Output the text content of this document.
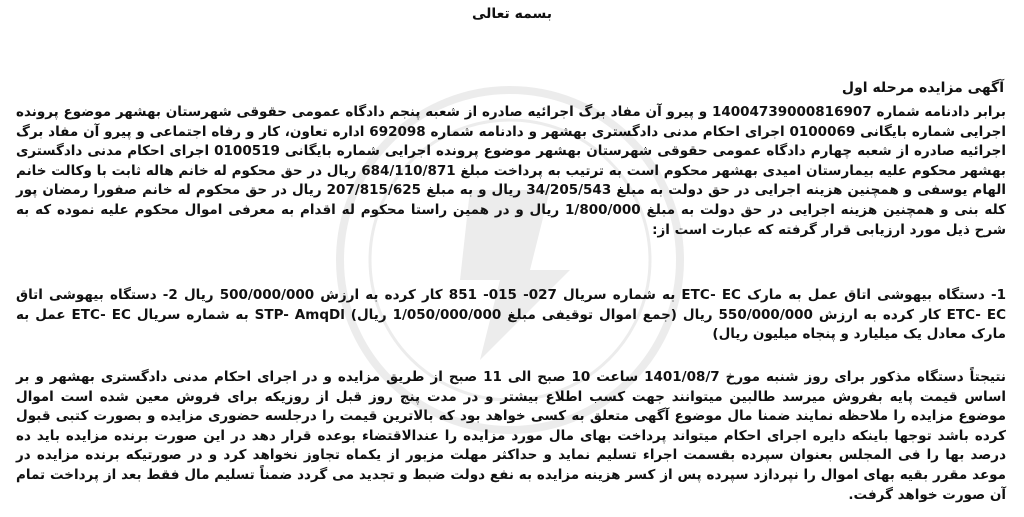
بسمه تعالی
آگهی مزایده مرحله اول

برابر دادنامه شماره 14004739000816907 و پیرو آن مفاد برگ اجرائیه صادره از شعبه پنجم دادگاه عمومی حقوقی شهرستان بهشهر موضوع پرونده اجرایی شماره بایگانی 0100069 اجرای احکام مدنی دادگستری بهشهر و دادنامه شماره 692098 اداره تعاون، کار و رفاه اجتماعی و پیرو آن مفاد برگ اجرائیه صادره از شعبه چهارم دادگاه عمومی حقوقی شهرستان بهشهر موضوع پرونده اجرایی شماره بایگانی 0100519 اجرای احکام مدنی دادگستری بهشهر محکوم علیه بیمارستان امیدی بهشهر محکوم است به ترتیب به پرداخت مبلغ 684/110/871 ریال در حق محکوم له خانم هاله ثابت با وکالت خانم الهام یوسفی و همچنین هزینه اجرایی در حق دولت به مبلغ 34/205/543 ریال و به مبلغ 207/815/625 ریال در حق محکوم له خانم صفورا رمضان پور کله بنی و همچنین هزینه اجرایی در حق دولت به مبلغ 1/800/000 ریال و در همین راستا محکوم له اقدام به معرفی اموال محکوم علیه نموده که به شرح ذیل مورد ارزیابی قرار گرفته که عبارت است از:

1- دستگاه بیهوشی اتاق عمل به مارک ETC- EC به شماره سریال 027- 015- 851 کار کرده به ارزش 500/000/000 ریال 2- دستگاه بیهوشی اتاق ETC- EC کار کرده به ارزش 550/000/000 ریال (جمع اموال توقیفی مبلغ 1/050/000/000 ریال) STP- AmqDl به شماره سریال ETC- EC عمل به مارک معادل یک میلیارد و پنجاه میلیون ریال)

نتیجتاً دستگاه مذکور برای روز شنبه مورخ 1401/08/7 ساعت 10 صبح الی 11 صبح از طریق مزایده و در اجرای احکام مدنی دادگستری بهشهر و بر اساس قیمت پایه بفروش میرسد طالبین میتوانند جهت کسب اطلاع بیشتر و در مدت پنج روز قبل از روزیکه برای فروش معین شده است اموال موضوع مزایده را ملاحظه نمایند ضمنا مال موضوع آگهی متعلق به کسی خواهد بود که بالاترین قیمت را درجلسه حضوری مزایده و بصورت کتبی قبول کرده باشد توجها باینکه دایره اجرای احکام میتواند پرداخت بهای مال مورد مزایده را عندالاقتضاء بوعده قرار دهد در این صورت برنده مزایده باید ده درصد بها را فی المجلس بعنوان سپرده بقسمت اجراء تسلیم نماید و حداکثر مهلت مزبور از یکماه تجاوز نخواهد کرد و در صورتیکه برنده مزایده در موعد مقرر بقیه بهای اموال را نپردازد سپرده پس از کسر هزینه مزایده به نفع دولت ضبط و تجدید می گردد ضمناً تسلیم مال فقط بعد از پرداخت تمام آن صورت خواهد گرفت.
